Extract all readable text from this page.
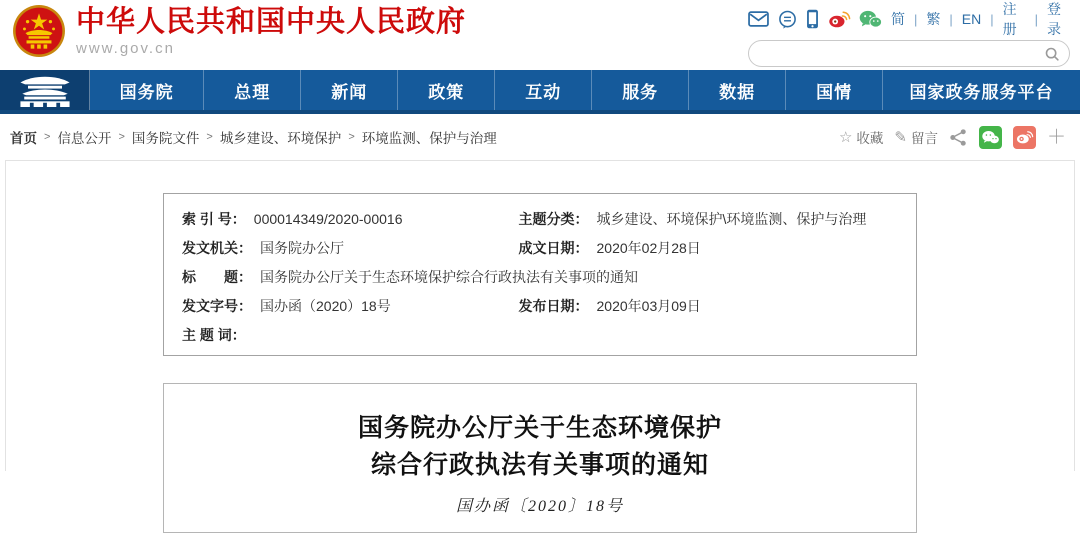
中华人民共和国中央人民政府
www.gov.cn
简 | 繁 | EN |
注册
|
登录
国务院	总理	新闻	政策	互动	服务	数据	国情	国家政务服务平台
首页 > 信息公开 > 国务院文件 > 城乡建设、环境保护 > 环境监测、保护与治理	☆ 收藏 ✎ 留言	＋
索 引 号： 000014349/2020-00016	主题分类： 城乡建设、环境保护\环境监测、保护与治理
发文机关： 国务院办公厅	成文日期： 2020年02月28日
标　　题： 国务院办公厅关于生态环境保护综合行政执法有关事项的通知
发文字号： 国办函（2020）18号	发布日期： 2020年03月09日
主 题 词：
国务院办公厅关于生态环境保护
综合行政执法有关事项的通知
国办函〔2020〕18号
